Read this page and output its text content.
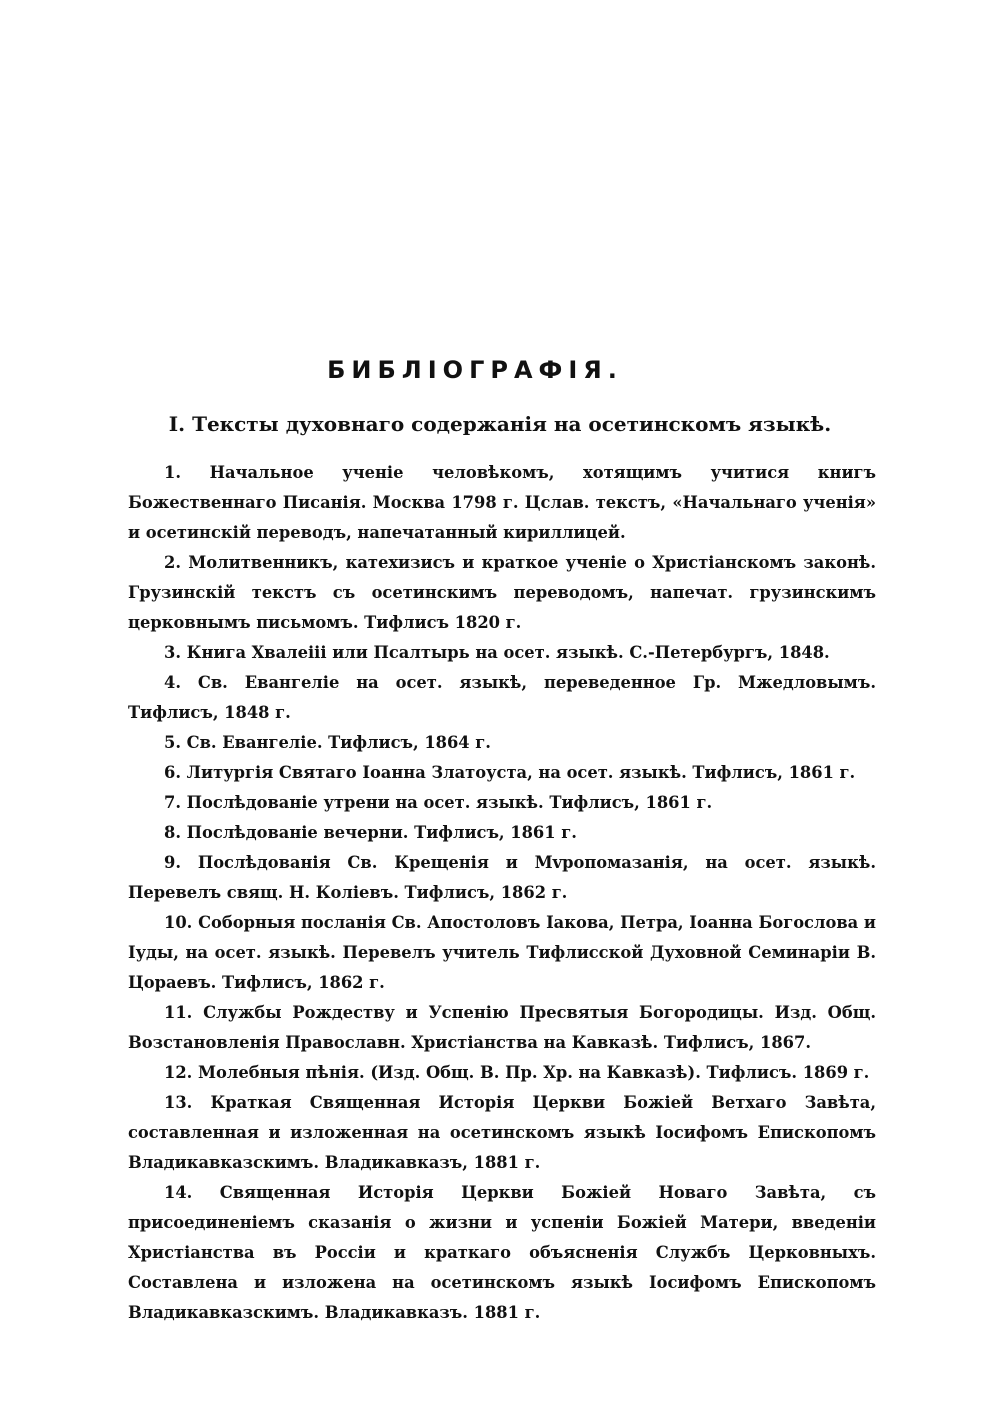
БИБЛІОГРАФІЯ.
I. Тексты духовнаго содержанія на осетинскомъ языкѣ.

1. Начальное ученіе человѣкомъ, хотящимъ учитися книгъ Божественнаго Писанія. Москва 1798 г. Цслав. текстъ, «Начальнаго ученія» и осетинскій переводъ, напечатанный кириллицей.

2. Молитвенникъ, катехизисъ и краткое ученіе о Христіанскомъ законѣ. Грузинскій текстъ съ осетинскимъ переводомъ, напечат. грузинскимъ церковнымъ письмомъ. Тифлисъ 1820 г.

3. Книга Хвалеііі или Псалтырь на осет. языкѣ. С.-Петербургъ, 1848.

4. Св. Евангеліе на осет. языкѣ, переведенное Гр. Мжедловымъ. Тифлисъ, 1848 г.

5. Св. Евангеліе. Тифлисъ, 1864 г.

6. Литургія Святаго Іоанна Златоуста, на осет. языкѣ. Тифлисъ, 1861 г.

7. Послѣдованіе утрени на осет. языкѣ. Тифлисъ, 1861 г.

8. Послѣдованіе вечерни. Тифлисъ, 1861 г.

9. Послѣдованія Св. Крещенія и Мvропомазанія, на осет. языкѣ. Перевелъ свящ. Н. Коліевъ. Тифлисъ, 1862 г.

10. Соборныя посланія Св. Апостоловъ Іакова, Петра, Іоанна Богослова и Іуды, на осет. языкѣ. Перевелъ учитель Тифлисской Духовной Семинаріи В. Цораевъ. Тифлисъ, 1862 г.

11. Службы Рождеству и Успенію Пресвятыя Богородицы. Изд. Общ. Возстановленія Православн. Христіанства на Кавказѣ. Тифлисъ, 1867.

12. Молебныя пѣнія. (Изд. Общ. В. Пр. Хр. на Кавказѣ). Тифлисъ. 1869 г.

13. Краткая Священная Исторія Церкви Божіей Ветхаго Завѣта, составленная и изложенная на осетинскомъ языкѣ Іосифомъ Епископомъ Владикавказскимъ. Владикавказъ, 1881 г.

14. Священная Исторія Церкви Божіей Новаго Завѣта, съ присоединеніемъ сказанія о жизни и успеніи Божіей Матери, введеніи Христіанства въ Россіи и краткаго объясненія Службъ Церковныхъ. Составлена и изложена на осетинскомъ языкѣ Іосифомъ Епископомъ Владикавказскимъ. Владикавказъ. 1881 г.
